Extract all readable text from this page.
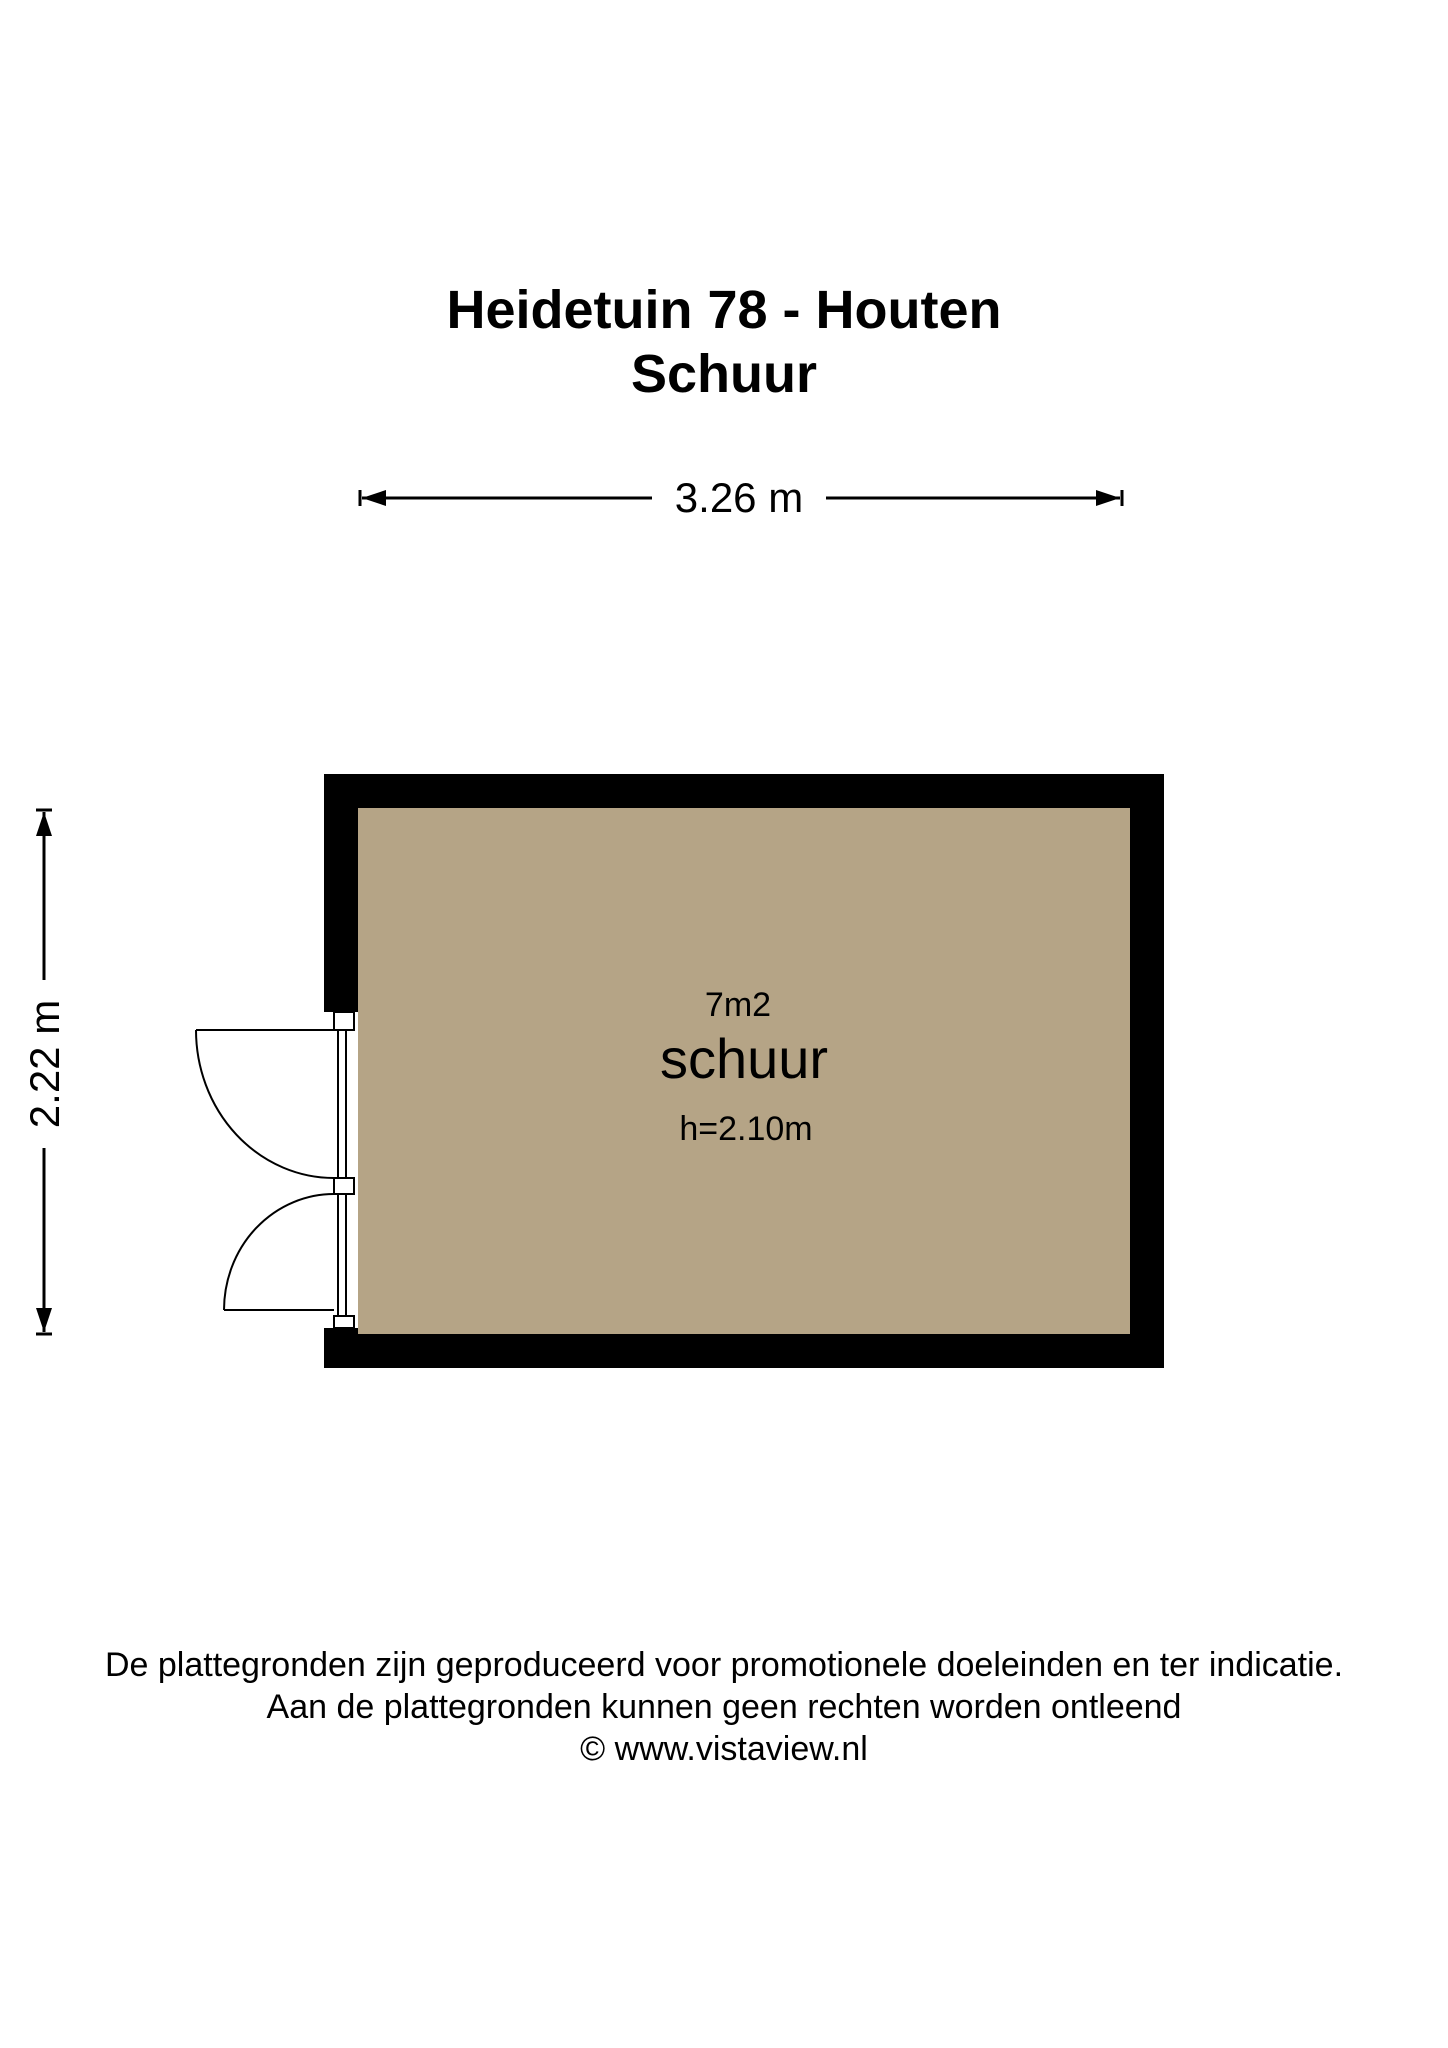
Heidetuin 78 - Houten
Schuur
3.26 m
2.22 m	7m2
schuur
h=2.10m
De plattegronden zijn geproduceerd voor promotionele doeleinden en ter indicatie.
Aan de plattegronden kunnen geen rechten worden ontleend
© www.vistaview.nl
